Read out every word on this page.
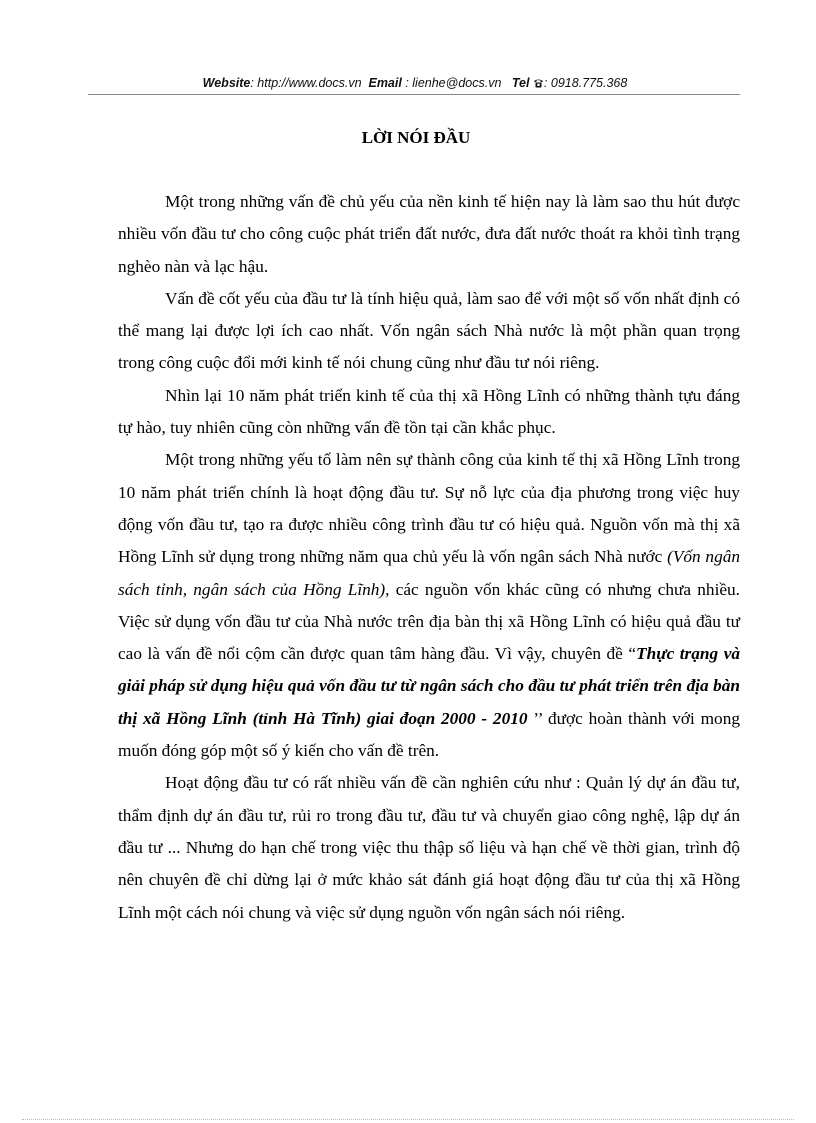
Website: http://www.docs.vn Email : lienhe@docs.vn Tel : 0918.775.368
LỜI NÓI ĐẦU

Một trong những vấn đề chủ yếu của nền kinh tế hiện nay là làm sao thu hút được nhiều vốn đầu tư cho công cuộc phát triển đất nước, đưa đất nước thoát ra khỏi tình trạng nghèo nàn và lạc hậu.

Vấn đề cốt yếu của đầu tư là tính hiệu quả, làm sao để với một số vốn nhất định có thể mang lại được lợi ích cao nhất. Vốn ngân sách Nhà nước là một phần quan trọng trong công cuộc đổi mới kinh tế nói chung cũng như đầu tư nói riêng.

Nhìn lại 10 năm phát triển kinh tế của thị xã Hồng Lĩnh có những thành tựu đáng tự hào, tuy nhiên cũng còn những vấn đề tồn tại cần khắc phục.

Một trong những yếu tố làm nên sự thành công của kinh tế thị xã Hồng Lĩnh trong 10 năm phát triển chính là hoạt động đầu tư. Sự nỗ lực của địa phương trong việc huy động vốn đầu tư, tạo ra được nhiều công trình đầu tư có hiệu quả. Nguồn vốn mà thị xã Hồng Lĩnh sử dụng trong những năm qua chủ yếu là vốn ngân sách Nhà nước (Vốn ngân sách tỉnh, ngân sách của Hồng Lĩnh), các nguồn vốn khác cũng có nhưng chưa nhiều. Việc sử dụng vốn đầu tư của Nhà nước trên địa bàn thị xã Hồng Lĩnh có hiệu quả đầu tư cao là vấn đề nổi cộm cần được quan tâm hàng đầu. Vì vậy, chuyên đề “Thực trạng và giải pháp sử dụng hiệu quả vốn đầu tư từ ngân sách cho đầu tư phát triển trên địa bàn thị xã Hồng Lĩnh (tỉnh Hà Tĩnh) giai đoạn 2000 - 2010 ’’ được hoàn thành với mong muốn đóng góp một số ý kiến cho vấn đề trên.

Hoạt động đầu tư có rất nhiều vấn đề cần nghiên cứu như : Quản lý dự án đầu tư, thẩm định dự án đầu tư, rủi ro trong đầu tư, đầu tư và chuyển giao công nghệ, lập dự án đầu tư ... Nhưng do hạn chế trong việc thu thập số liệu và hạn chế về thời gian, trình độ nên chuyên đề chỉ dừng lại ở mức khảo sát đánh giá hoạt động đầu tư của thị xã Hồng Lĩnh một cách nói chung và việc sử dụng nguồn vốn ngân sách nói riêng.
